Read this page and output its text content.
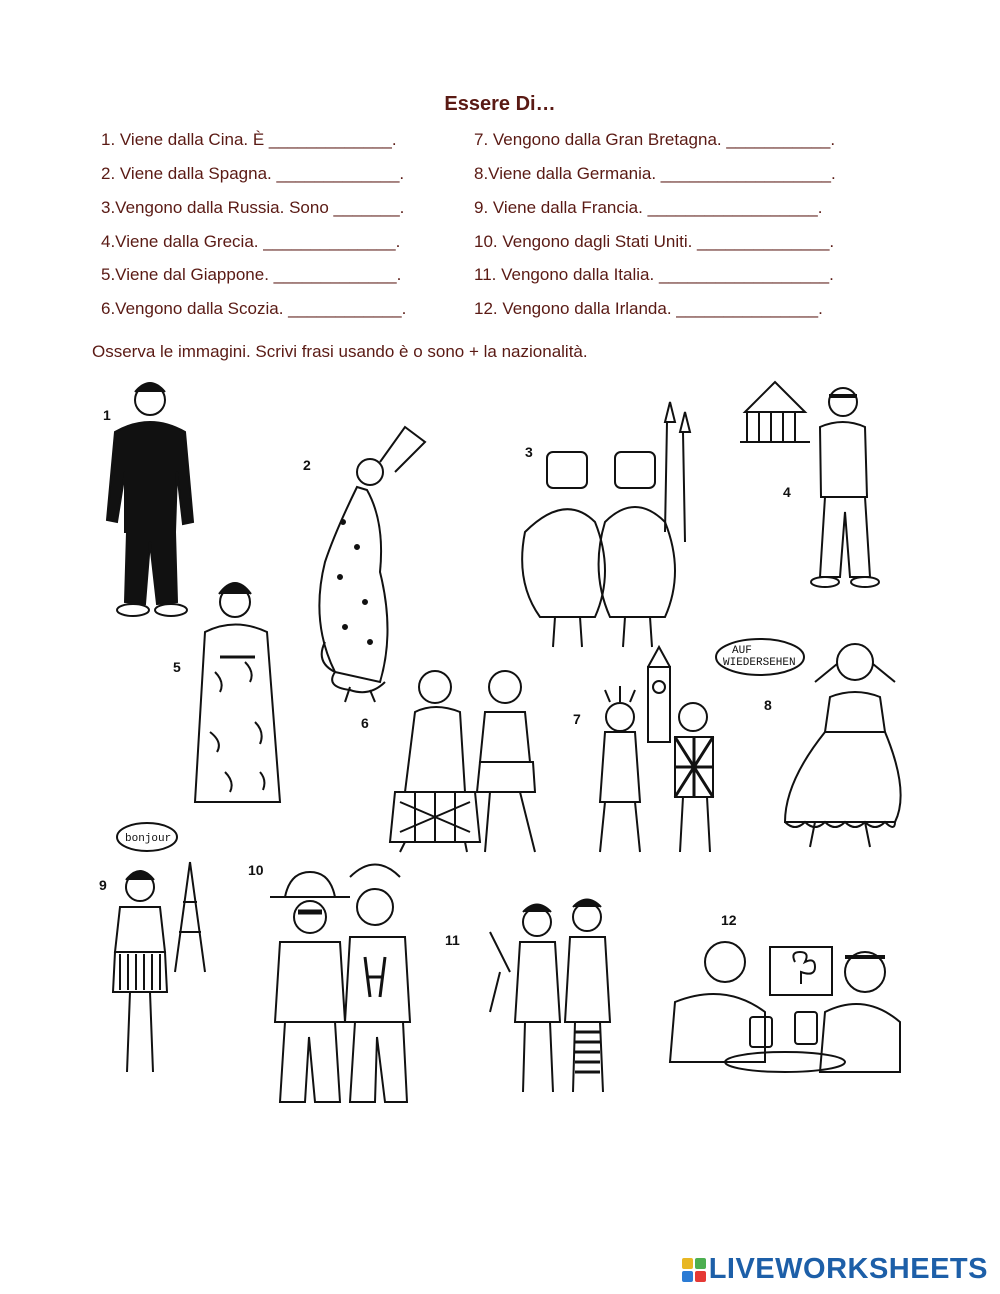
Essere Di…
1. Viene dalla Cina. È _____________.
2. Viene dalla Spagna. _____________.
3.Vengono dalla Russia. Sono _______.
4.Viene dalla Grecia. ______________.
5.Viene dal Giappone. _____________.
6.Vengono dalla Scozia. ____________.
7. Vengono dalla Gran Bretagna. ___________.
8.Viene dalla Germania. __________________.
9. Viene dalla Francia. __________________.
10. Vengono dagli Stati Uniti. ______________.
11. Vengono dalla Italia. __________________.
12. Vengono dalla Irlanda. _______________.
Osserva le immagini. Scrivi frasi usando è o sono + la nazionalità.
1
2
3
4
5
6	7
8
9
10
11
12
AUF
WIEDERSEHEN
bonjour
LIVEWORKSHEETS
